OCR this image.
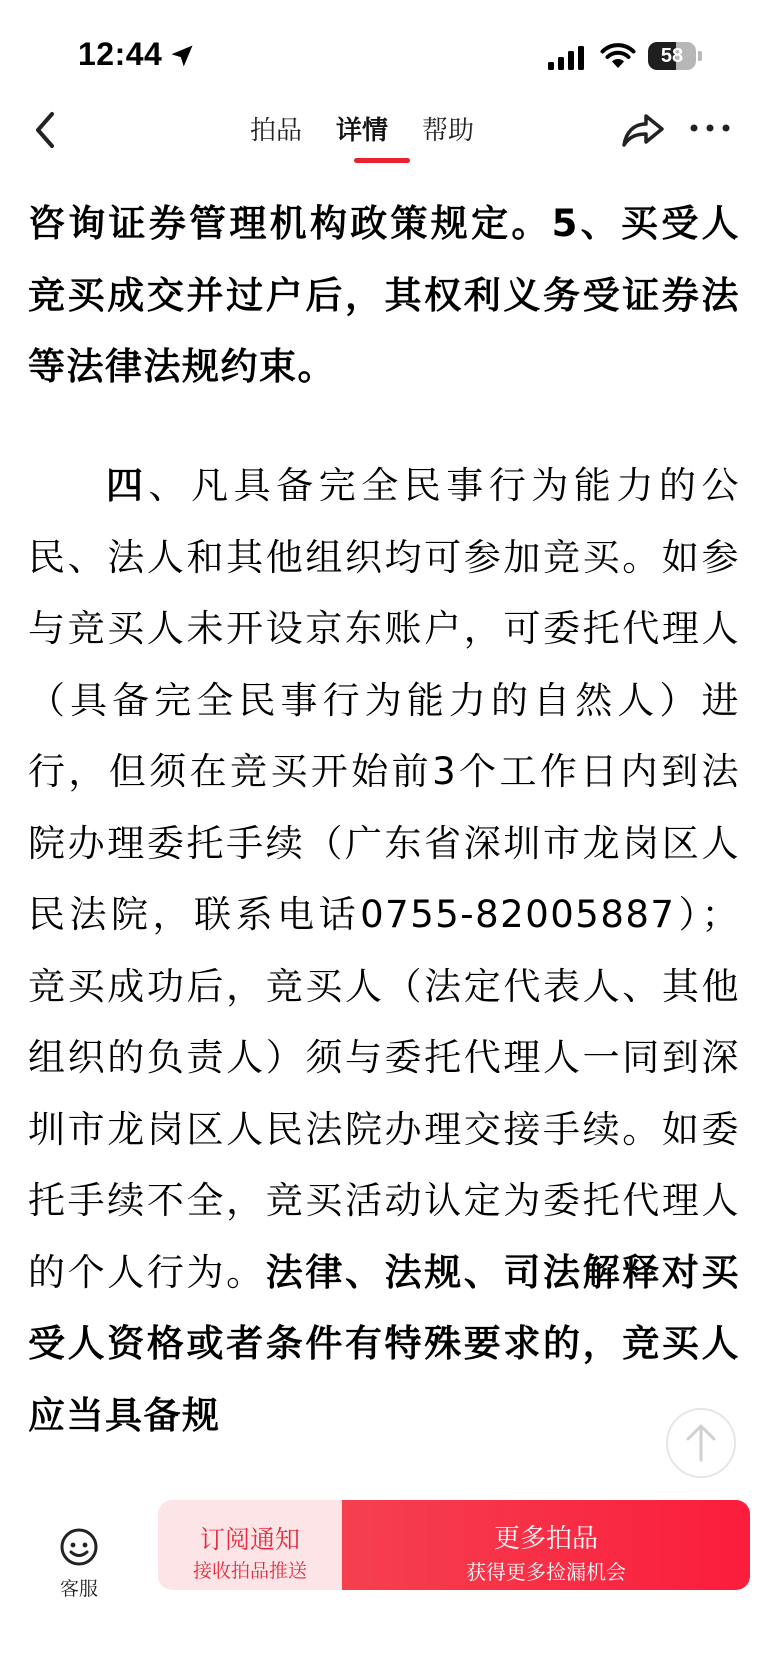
12:44	58
拍品 详情 帮助
咨询证券管理机构政策规定。5、买受人竞买成交并过户后，其权利义务受证券法等法律法规约束。
四、凡具备完全民事行为能力的公民、法人和其他组织均可参加竞买。如参与竞买人未开设京东账户，可委托代理人（具备完全民事行为能力的自然人）进行，但须在竞买开始前3个工作日内到法院办理委托手续（广东省深圳市龙岗区人民法院，联系电话0755-82005887）；竞买成功后，竞买人（法定代表人、其他组织的负责人）须与委托代理人一同到深圳市龙岗区人民法院办理交接手续。如委托手续不全，竞买活动认定为委托代理人的个人行为。法律、法规、司法解释对买受人资格或者条件有特殊要求的，竞买人应当具备规
客服
订阅通知
接收拍品推送
更多拍品
获得更多捡漏机会
